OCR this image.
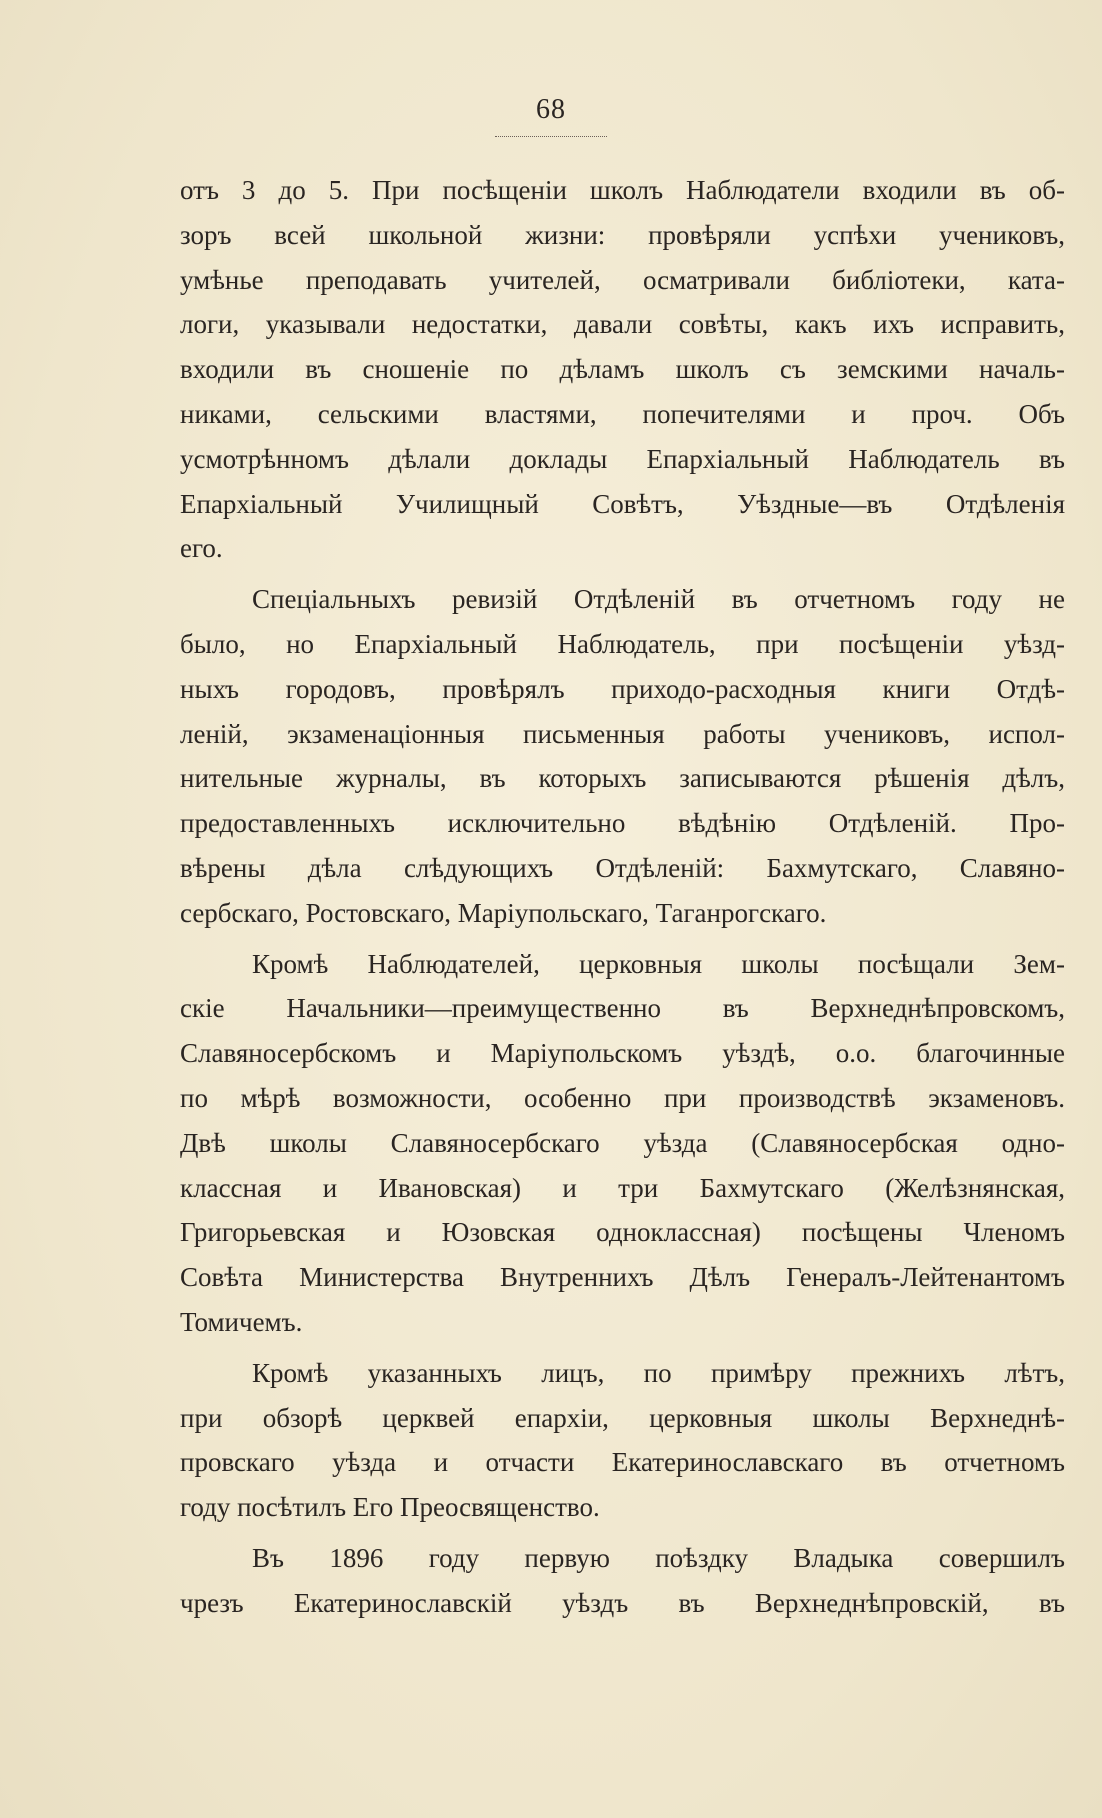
68
отъ 3 до 5. При посѣщеніи школъ Наблюдатели входили въ об-
зоръ всей школьной жизни: провѣряли успѣхи учениковъ,
умѣнье преподавать учителей, осматривали библіотеки, ката-
логи, указывали недостатки, давали совѣты, какъ ихъ исправить,
входили въ сношеніе по дѣламъ школъ съ земскими началь-
никами, сельскими властями, попечителями и проч. Объ
усмотрѣнномъ дѣлали доклады Епархіальный Наблюдатель въ
Епархіальный Училищный Совѣтъ, Уѣздные—въ Отдѣленія
его.
Спеціальныхъ ревизій Отдѣленій въ отчетномъ году не
было, но Епархіальный Наблюдатель, при посѣщеніи уѣзд-
ныхъ городовъ, провѣрялъ приходо-расходныя книги Отдѣ-
леній, экзаменаціонныя письменныя работы учениковъ, испол-
нительные журналы, въ которыхъ записываются рѣшенія дѣлъ,
предоставленныхъ исключительно вѣдѣнію Отдѣленій. Про-
вѣрены дѣла слѣдующихъ Отдѣленій: Бахмутскаго, Славяно-
сербскаго, Ростовскаго, Маріупольскаго, Таганрогскаго.
Кромѣ Наблюдателей, церковныя школы посѣщали Зем-
скіе Начальники—преимущественно въ Верхнеднѣпровскомъ,
Славяносербскомъ и Маріупольскомъ уѣздѣ, о.о. благочинные
по мѣрѣ возможности, особенно при производствѣ экзаменовъ.
Двѣ школы Славяносербскаго уѣзда (Славяносербская одно-
классная и Ивановская) и три Бахмутскаго (Желѣзнянская,
Григорьевская и Юзовская одноклассная) посѣщены Членомъ
Совѣта Министерства Внутреннихъ Дѣлъ Генералъ-Лейтенантомъ
Томичемъ.
Кромѣ указанныхъ лицъ, по примѣру прежнихъ лѣтъ,
при обзорѣ церквей епархіи, церковныя школы Верхнеднѣ-
провскаго уѣзда и отчасти Екатеринославскаго въ отчетномъ
году посѣтилъ Его Преосвященство.
Въ 1896 году первую поѣздку Владыка совершилъ
чрезъ Екатеринославскій уѣздъ въ Верхнеднѣпровскій, въ
